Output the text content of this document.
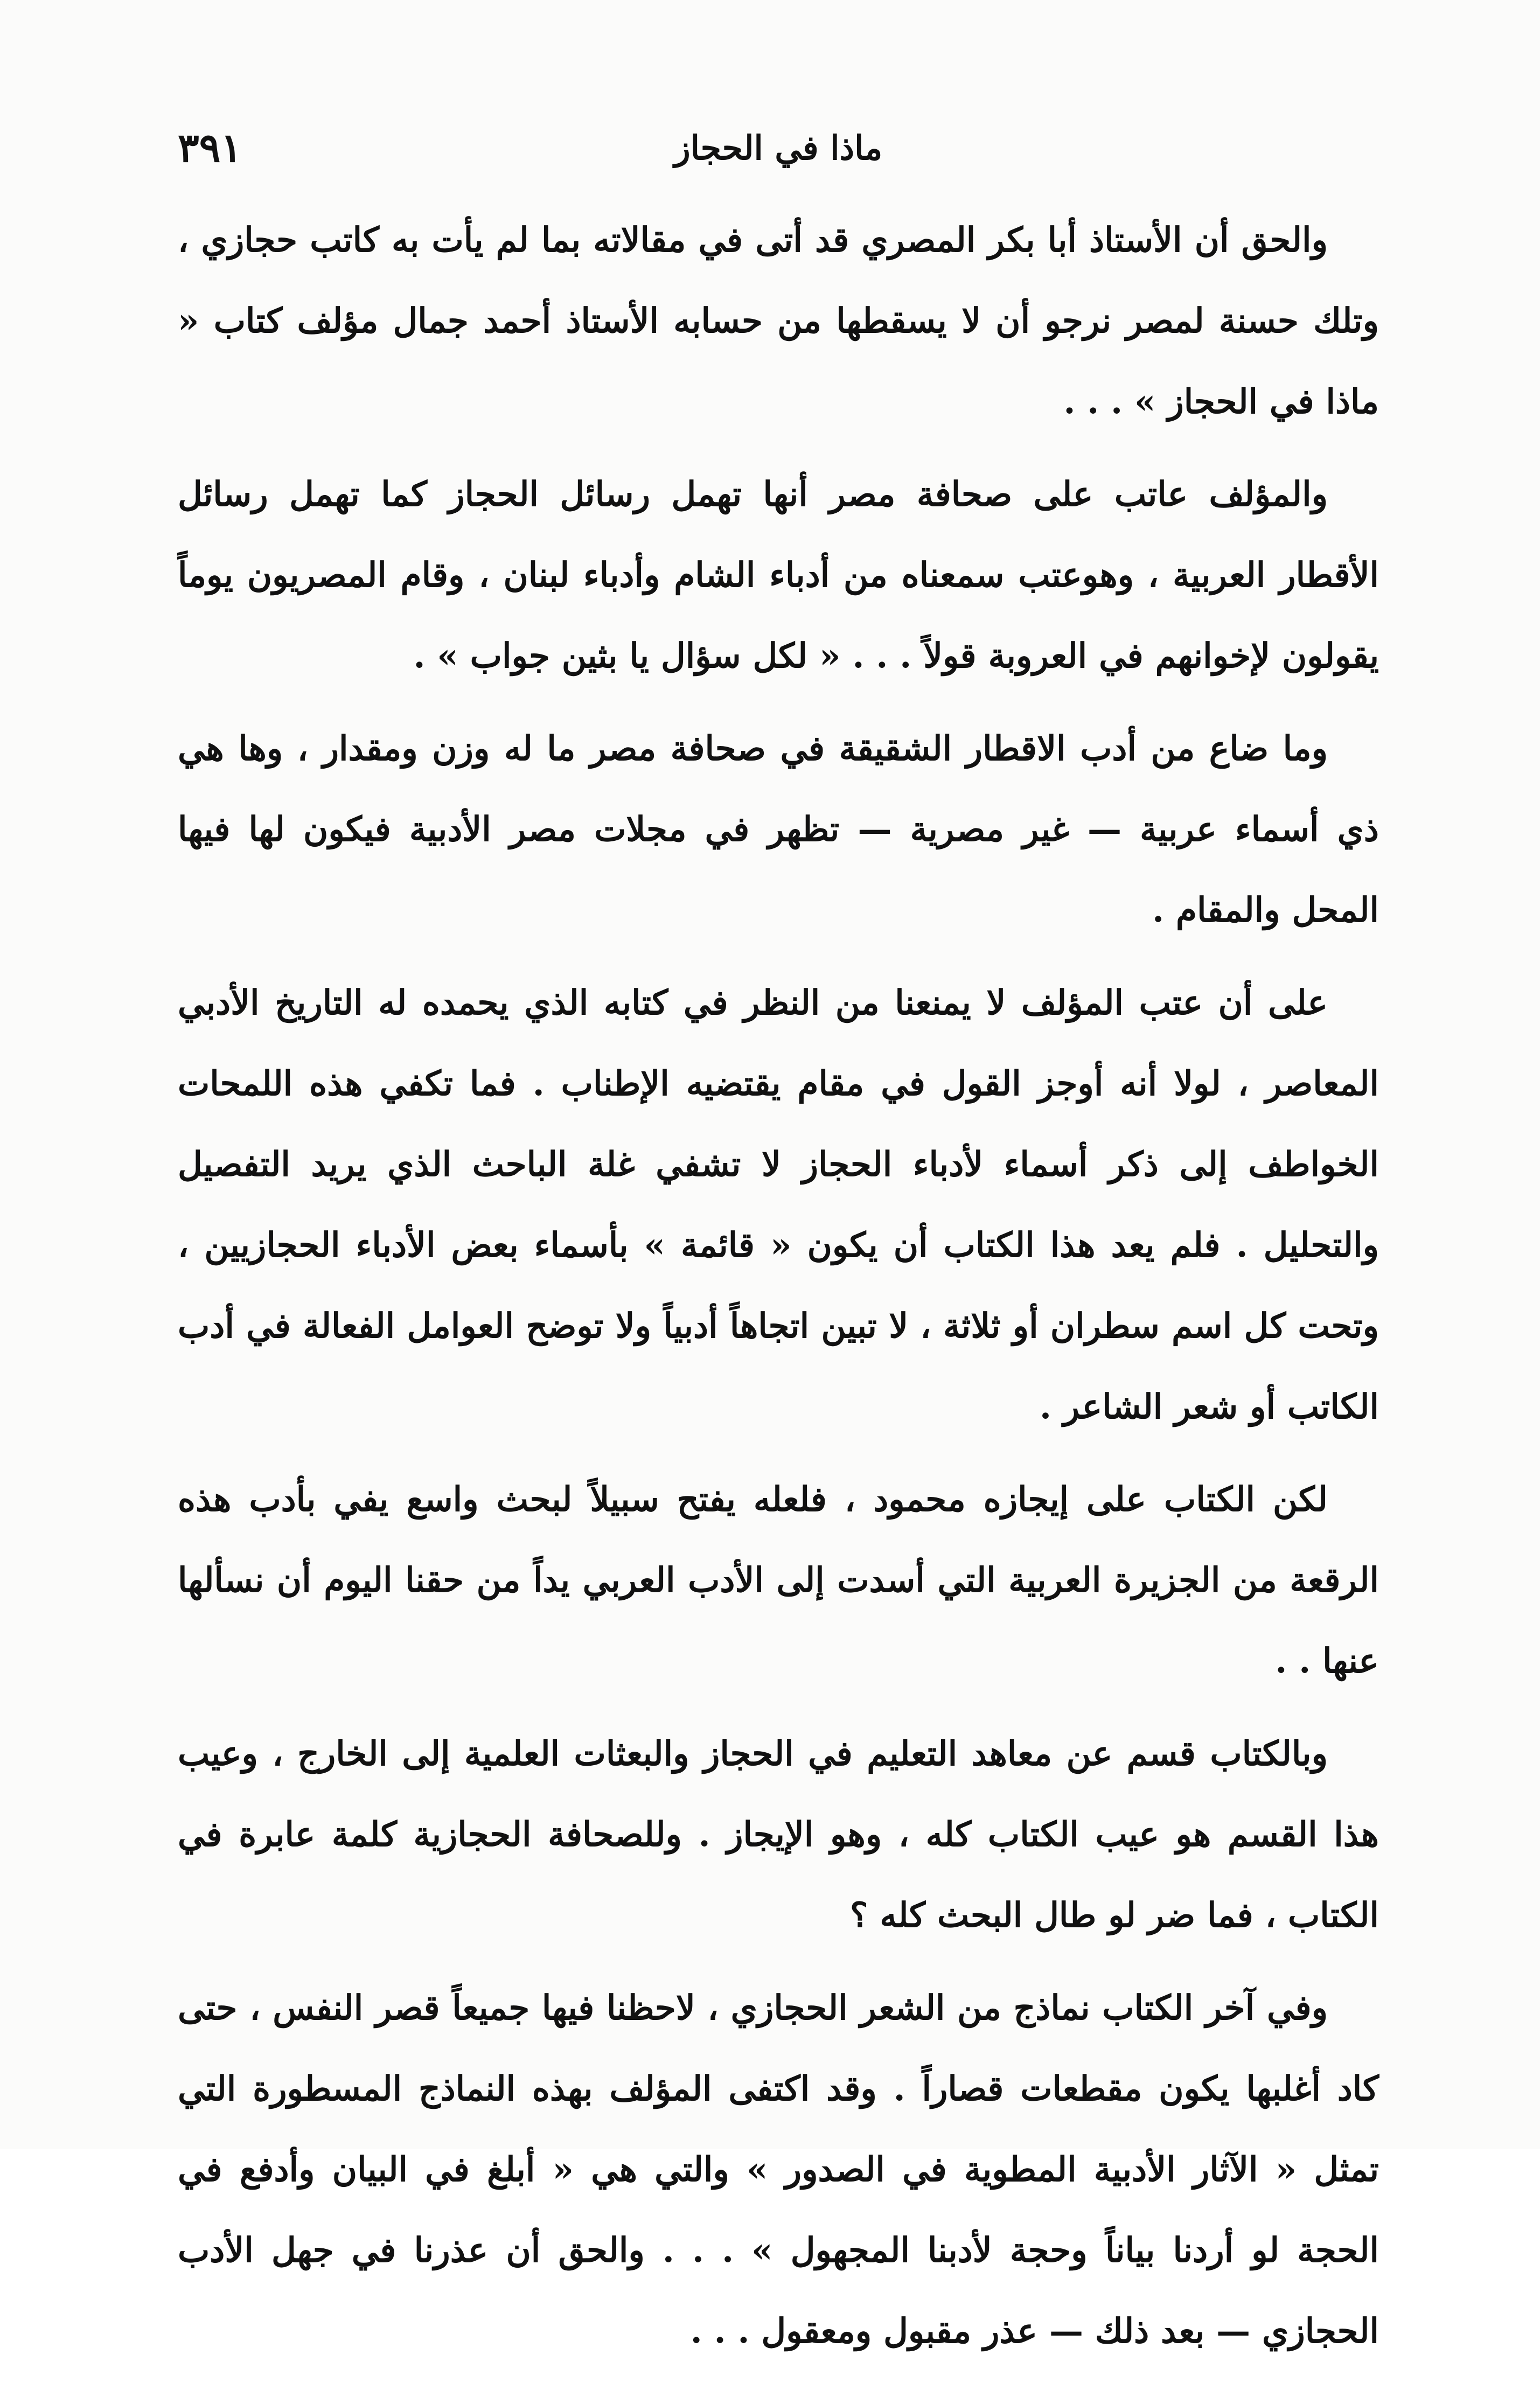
٣٩١	ماذا في الحجاز

والحق أن الأستاذ أبا بكر المصري قد أتى في مقالاته بما لم يأت به كاتب حجازي ، وتلك حسنة لمصر نرجو أن لا يسقطها من حسابه الأستاذ أحمد جمال مؤلف كتاب « ماذا في الحجاز » . . .

والمؤلف عاتب على صحافة مصر أنها تهمل رسائل الحجاز كما تهمل رسائل الأقطار العربية ، وهوعتب سمعناه من أدباء الشام وأدباء لبنان ، وقام المصريون يوماً يقولون لإخوانهم في العروبة قولاً . . . « لكل سؤال يا بثين جواب » .

وما ضاع من أدب الاقطار الشقيقة في صحافة مصر ما له وزن ومقدار ، وها هي ذي أسماء عربية — غير مصرية — تظهر في مجلات مصر الأدبية فيكون لها فيها المحل والمقام .

على أن عتب المؤلف لا يمنعنا من النظر في كتابه الذي يحمده له التاريخ الأدبي المعاصر ، لولا أنه أوجز القول في مقام يقتضيه الإطناب . فما تكفي هذه اللمحات الخواطف إلى ذكر أسماء لأدباء الحجاز لا تشفي غلة الباحث الذي يريد التفصيل والتحليل . فلم يعد هذا الكتاب أن يكون « قائمة » بأسماء بعض الأدباء الحجازيين ، وتحت كل اسم سطران أو ثلاثة ، لا تبين اتجاهاً أدبياً ولا توضح العوامل الفعالة في أدب الكاتب أو شعر الشاعر .

لكن الكتاب على إيجازه محمود ، فلعله يفتح سبيلاً لبحث واسع يفي بأدب هذه الرقعة من الجزيرة العربية التي أسدت إلى الأدب العربي يداً من حقنا اليوم أن نسألها عنها . .

وبالكتاب قسم عن معاهد التعليم في الحجاز والبعثات العلمية إلى الخارج ، وعيب هذا القسم هو عيب الكتاب كله ، وهو الإيجاز . وللصحافة الحجازية كلمة عابرة في الكتاب ، فما ضر لو طال البحث كله ؟

وفي آخر الكتاب نماذج من الشعر الحجازي ، لاحظنا فيها جميعاً قصر النفس ، حتى كاد أغلبها يكون مقطعات قصاراً . وقد اكتفى المؤلف بهذه النماذج المسطورة التي تمثل « الآثار الأدبية المطوية في الصدور » والتي هي « أبلغ في البيان وأدفع في الحجة لو أردنا بياناً وحجة لأدبنا المجهول » . . . والحق أن عذرنا في جهل الأدب الحجازي — بعد ذلك — عذر مقبول ومعقول . . .
